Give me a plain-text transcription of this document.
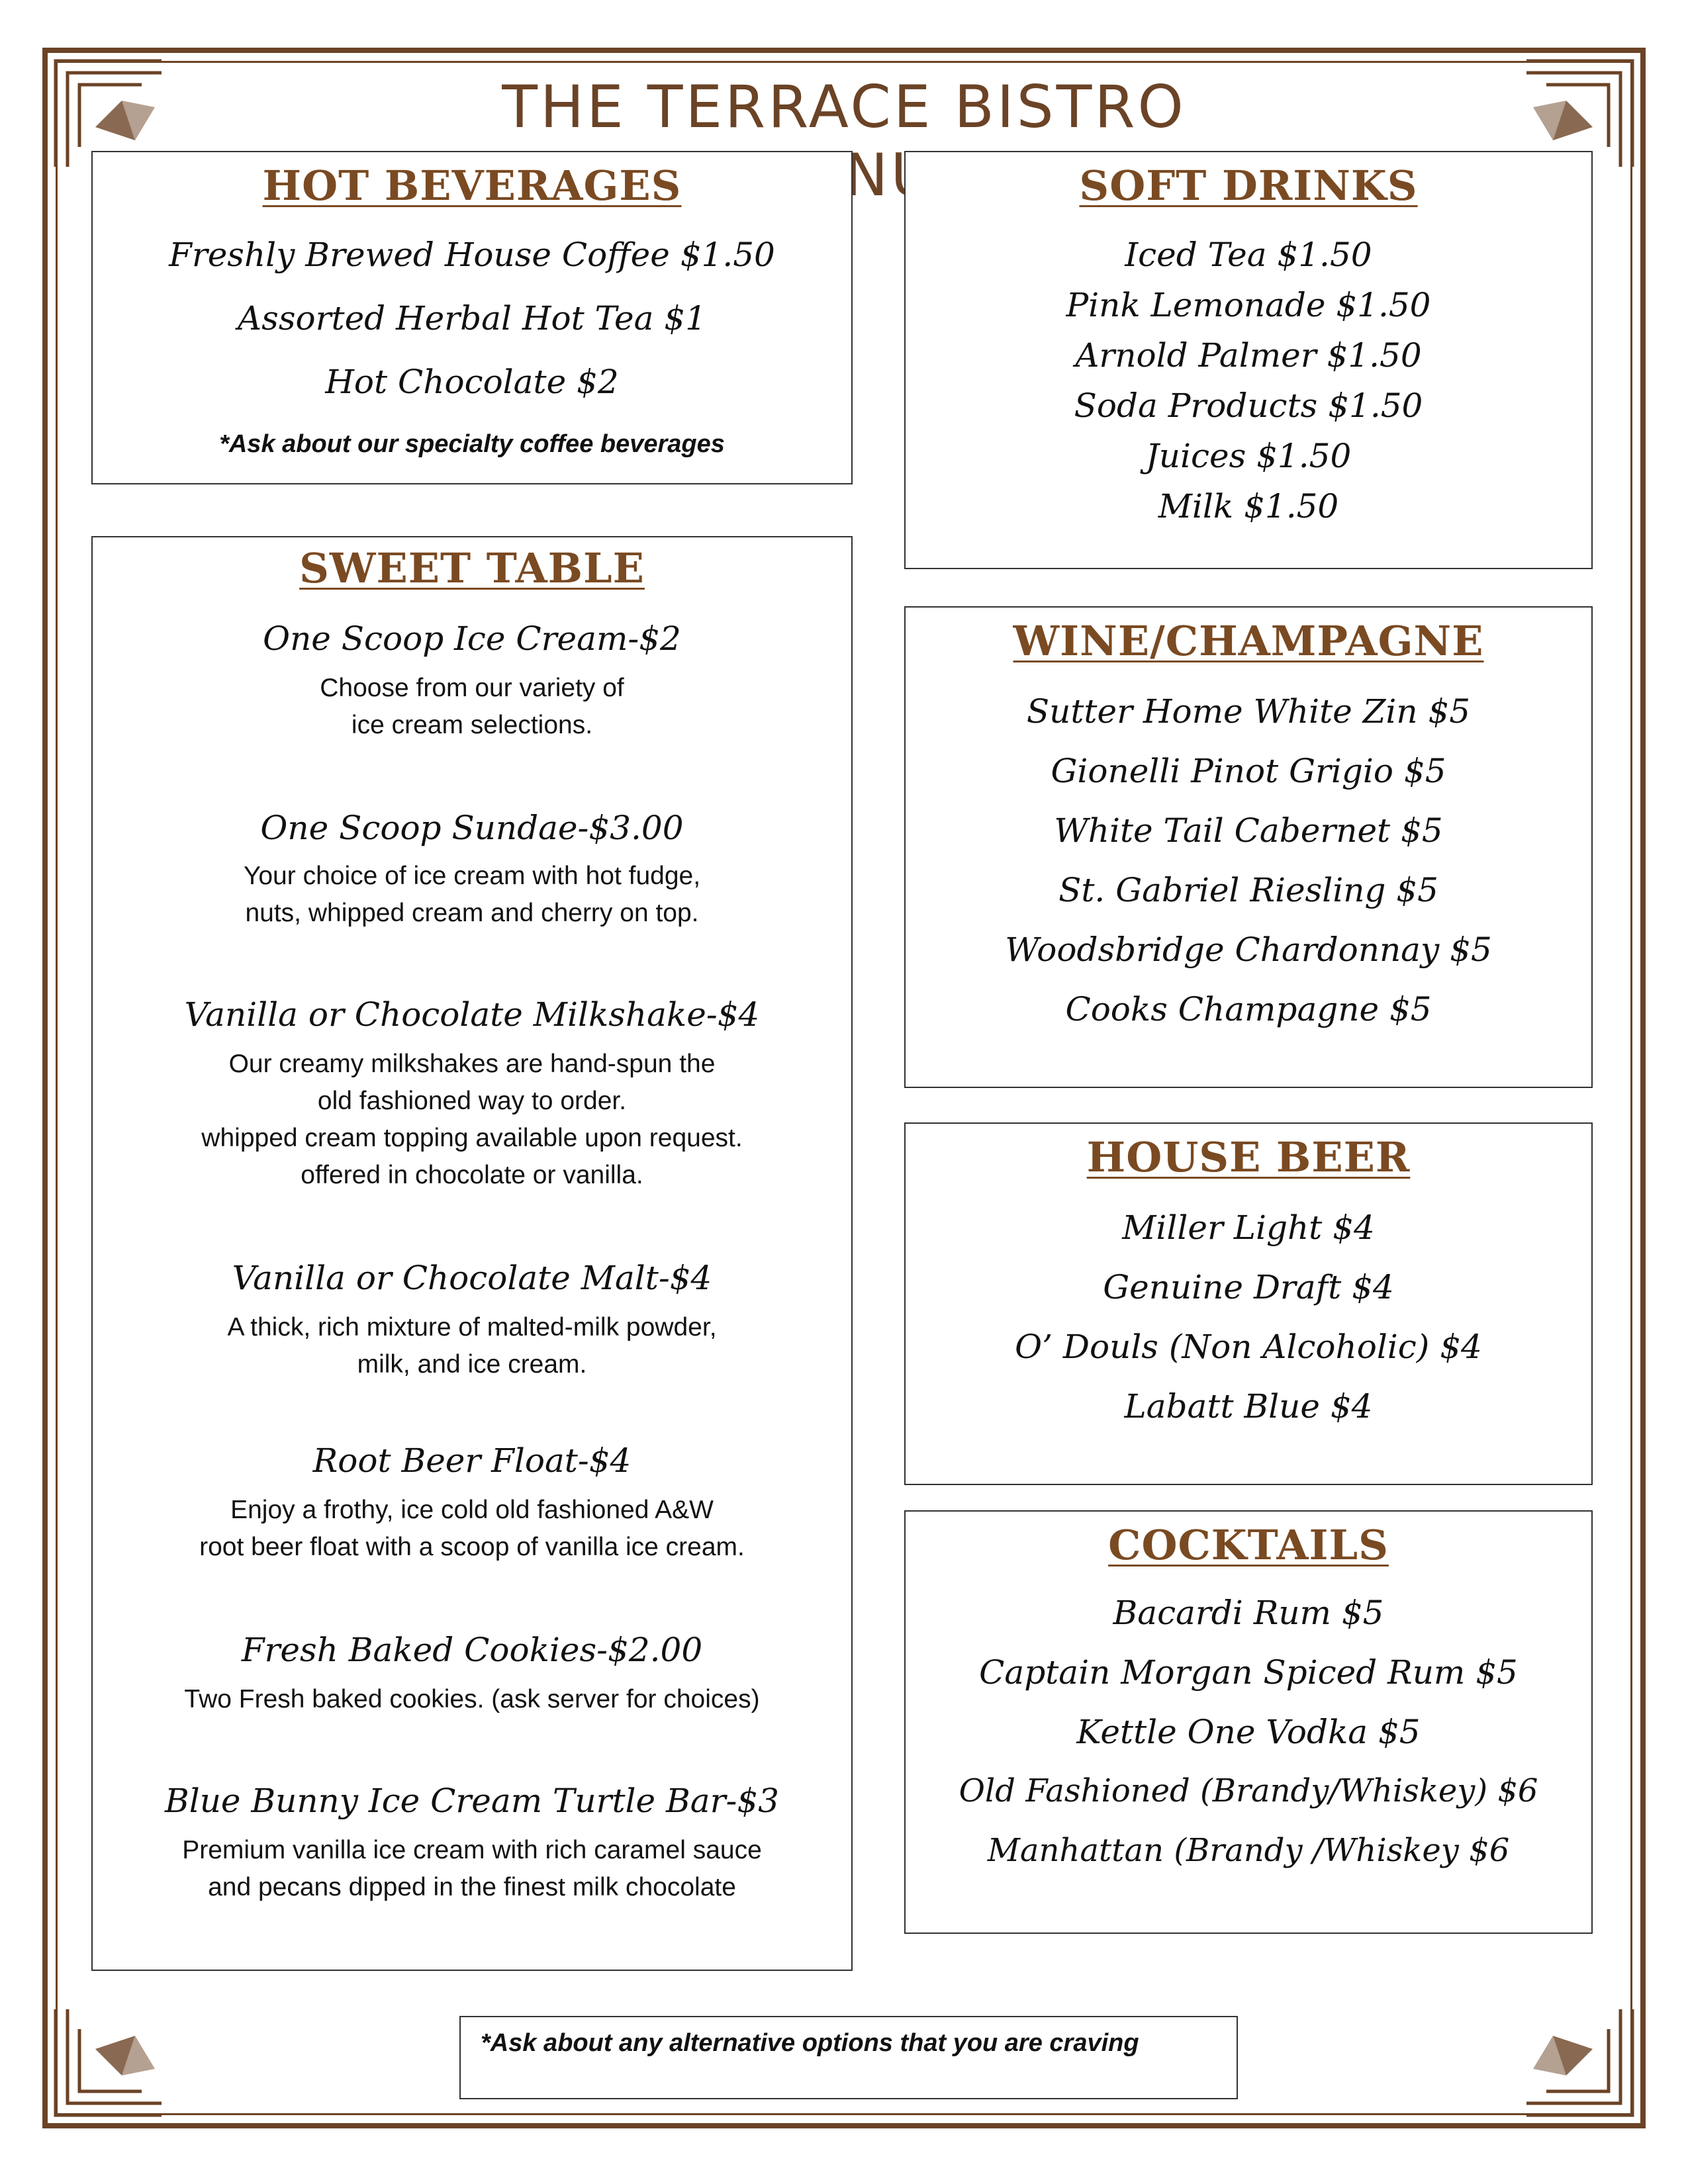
THE TERRACE BISTRO
HOT BEVERAGES
Freshly Brewed House Coffee $1.50
Assorted Herbal Hot Tea $1
Hot Chocolate $2
*Ask about our specialty coffee beverages
SWEET TABLE
One Scoop Ice Cream-$2
Choose from our variety of
ice cream selections.
One Scoop Sundae-$3.00
Your choice of ice cream with hot fudge,
nuts, whipped cream and cherry on top.
Vanilla or Chocolate Milkshake-$4
Our creamy milkshakes are hand-spun the
old fashioned way to order.
whipped cream topping available upon request.
offered in chocolate or vanilla.
Vanilla or Chocolate Malt-$4
A thick, rich mixture of malted-milk powder,
milk, and ice cream.
Root Beer Float-$4
Enjoy a frothy, ice cold old fashioned A&W
root beer float with a scoop of vanilla ice cream.
Fresh Baked Cookies-$2.00
Two Fresh baked cookies. (ask server for choices)
Blue Bunny Ice Cream Turtle Bar-$3
Premium vanilla ice cream with rich caramel sauce
and pecans dipped in the finest milk chocolate
SOFT DRINKS
Iced Tea $1.50
Pink Lemonade $1.50
Arnold Palmer $1.50
Soda Products $1.50
Juices $1.50
Milk $1.50
WINE/CHAMPAGNE
Sutter Home White Zin $5
Gionelli Pinot Grigio $5
White Tail Cabernet $5
St. Gabriel Riesling $5
Woodsbridge Chardonnay $5
Cooks Champagne $5
HOUSE BEER
Miller Light $4
Genuine Draft $4
O’ Douls (Non Alcoholic) $4
Labatt Blue $4
COCKTAILS
Bacardi Rum $5
Captain Morgan Spiced Rum $5
Kettle One Vodka $5
Old Fashioned (Brandy/Whiskey) $6
Manhattan (Brandy /Whiskey $6
*Ask about any alternative options that you are craving
